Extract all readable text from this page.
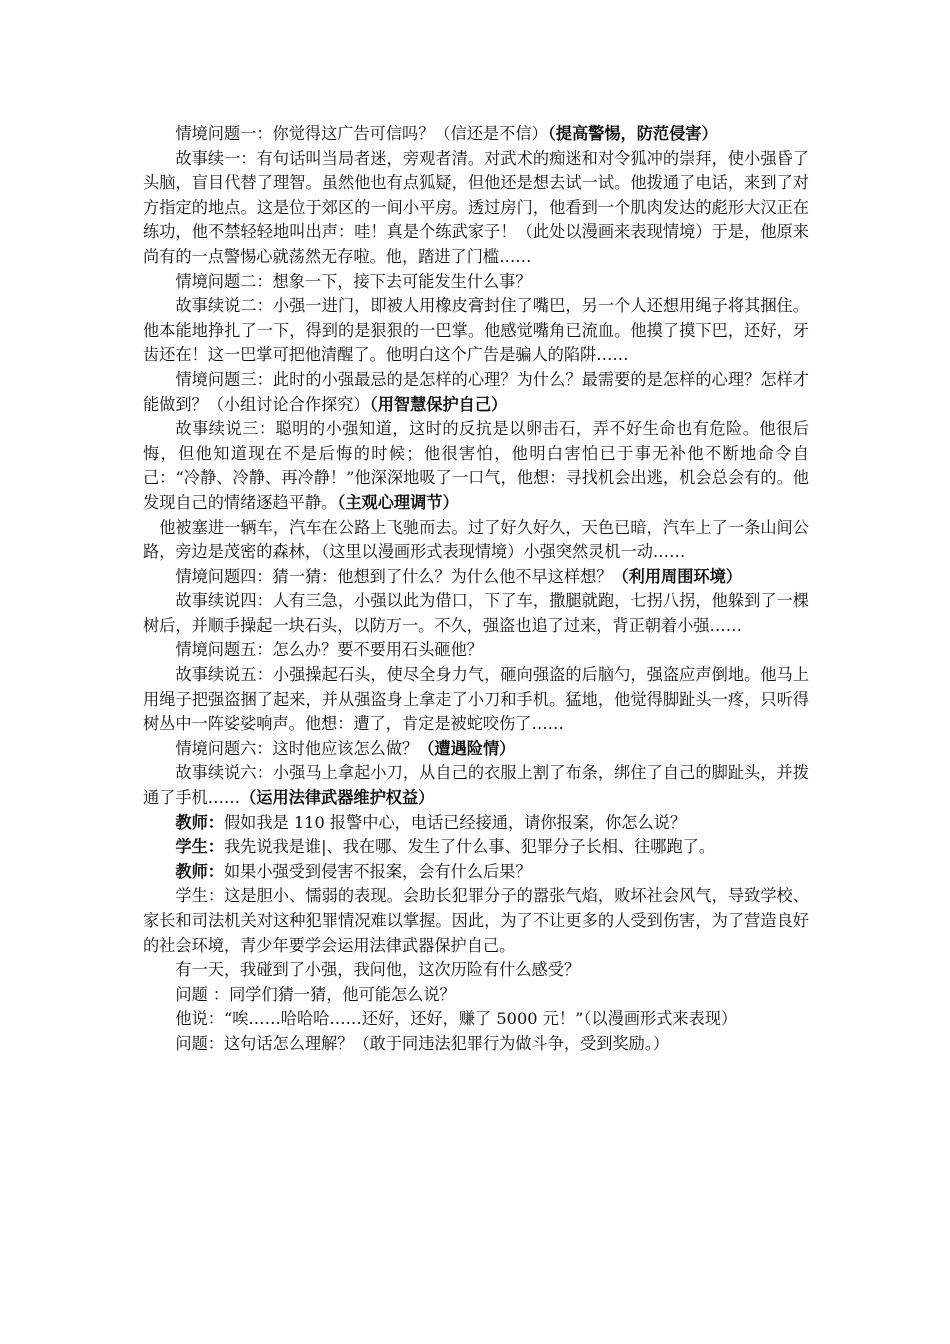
情境问题一：你觉得这广告可信吗？（信还是不信）（提高警惕，防范侵害）

故事续一：有句话叫当局者迷，旁观者清。对武术的痴迷和对令狐冲的崇拜，使小强昏了头脑，盲目代替了理智。虽然他也有点狐疑，但他还是想去试一试。他拨通了电话，来到了对方指定的地点。这是位于郊区的一间小平房。透过房门，他看到一个肌肉发达的彪形大汉正在练功，他不禁轻轻地叫出声：哇！真是个练武家子！（此处以漫画来表现情境）于是，他原来尚有的一点警惕心就荡然无存啦。他，踏进了门槛……

情境问题二：想象一下，接下去可能发生什么事？

故事续说二：小强一进门，即被人用橡皮膏封住了嘴巴，另一个人还想用绳子将其捆住。他本能地挣扎了一下，得到的是狠狠的一巴掌。他感觉嘴角已流血。他摸了摸下巴，还好，牙齿还在！这一巴掌可把他清醒了。他明白这个广告是骗人的陷阱……

情境问题三：此时的小强最忌的是怎样的心理？为什么？最需要的是怎样的心理？怎样才能做到？（小组讨论合作探究）（用智慧保护自己）

故事续说三：聪明的小强知道，这时的反抗是以卵击石，弄不好生命也有危险。他很后悔，但他知道现在不是后悔的时候；他很害怕，他明白害怕已于事无补他不断地命令自己：“冷静、冷静、再冷静！”他深深地吸了一口气，他想：寻找机会出逃，机会总会有的。他发现自己的情绪逐趋平静。（主观心理调节）

他被塞进一辆车，汽车在公路上飞驰而去。过了好久好久，天色已暗，汽车上了一条山间公路，旁边是茂密的森林，（这里以漫画形式表现情境）小强突然灵机一动……

情境问题四：猜一猜：他想到了什么？为什么他不早这样想？（利用周围环境）

故事续说四：人有三急，小强以此为借口，下了车，撒腿就跑，七拐八拐，他躲到了一棵树后，并顺手操起一块石头，以防万一。不久，强盗也追了过来，背正朝着小强……

情境问题五：怎么办？要不要用石头砸他？

故事续说五：小强操起石头，使尽全身力气，砸向强盗的后脑勺，强盗应声倒地。他马上用绳子把强盗捆了起来，并从强盗身上拿走了小刀和手机。猛地，他觉得脚趾头一疼，只听得树丛中一阵娑娑响声。他想：遭了，肯定是被蛇咬伤了……

情境问题六：这时他应该怎么做？（遭遇险情）

故事续说六：小强马上拿起小刀，从自己的衣服上割了布条，绑住了自己的脚趾头，并拨通了手机……（运用法律武器维护权益）

教师：假如我是 110 报警中心，电话已经接通，请你报案，你怎么说？

学生：我先说我是谁|、我在哪、发生了什么事、犯罪分子长相、往哪跑了。

教师：如果小强受到侵害不报案，会有什么后果？

学生：这是胆小、懦弱的表现。会助长犯罪分子的嚣张气焰，败坏社会风气，导致学校、家长和司法机关对这种犯罪情况难以掌握。因此，为了不让更多的人受到伤害，为了营造良好的社会环境，青少年要学会运用法律武器保护自己。

有一天，我碰到了小强，我问他，这次历险有什么感受？

问题 ：同学们猜一猜，他可能怎么说？

他说：“唉……哈哈哈……还好，还好，赚了 5000 元！”（以漫画形式来表现）

问题：这句话怎么理解？（敢于同违法犯罪行为做斗争，受到奖励。）
